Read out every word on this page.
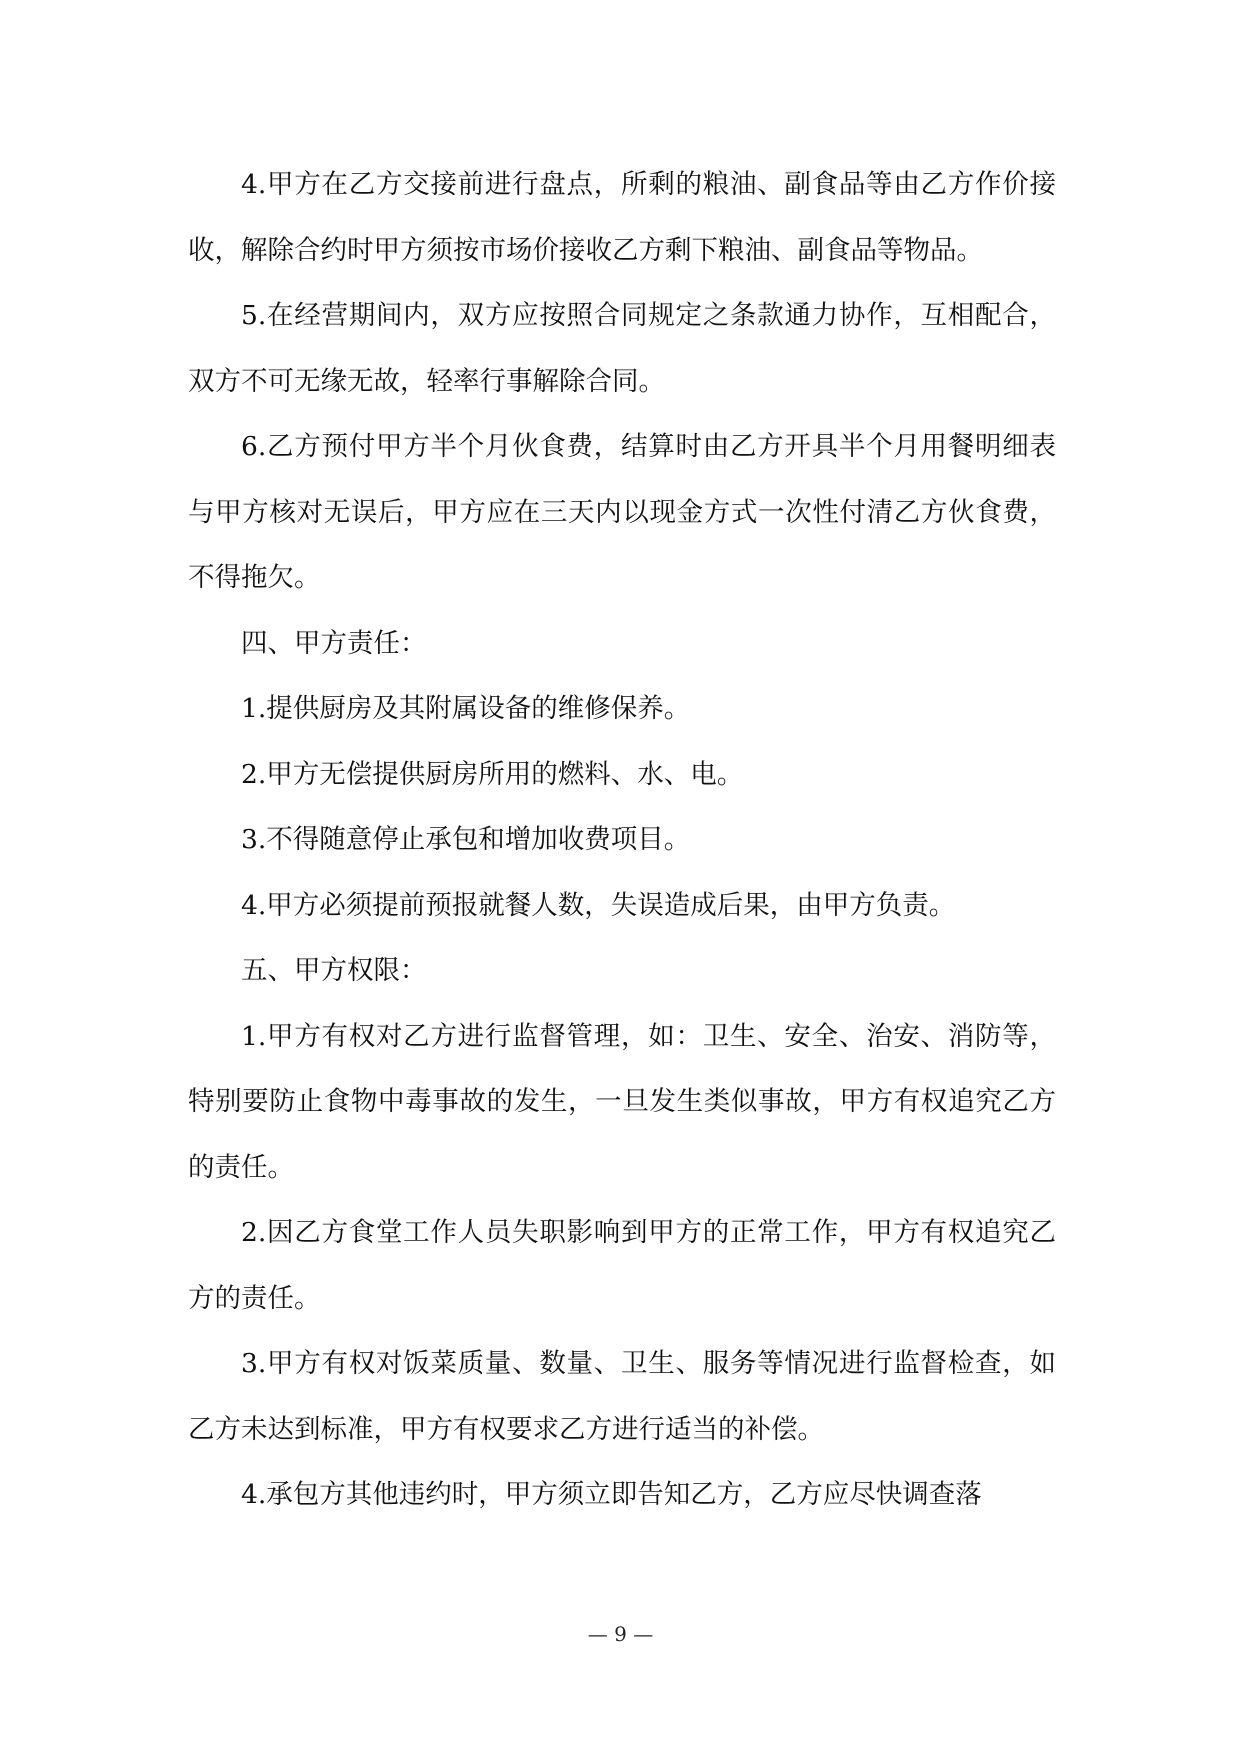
4.甲方在乙方交接前进行盘点，所剩的粮油、副食品等由乙方作价接收，解除合约时甲方须按市场价接收乙方剩下粮油、副食品等物品。

5.在经营期间内，双方应按照合同规定之条款通力协作，互相配合，双方不可无缘无故，轻率行事解除合同。

6.乙方预付甲方半个月伙食费，结算时由乙方开具半个月用餐明细表与甲方核对无误后，甲方应在三天内以现金方式一次性付清乙方伙食费，不得拖欠。

四、甲方责任：

1.提供厨房及其附属设备的维修保养。

2.甲方无偿提供厨房所用的燃料、水、电。

3.不得随意停止承包和增加收费项目。

4.甲方必须提前预报就餐人数，失误造成后果，由甲方负责。

五、甲方权限：

1.甲方有权对乙方进行监督管理，如：卫生、安全、治安、消防等，特别要防止食物中毒事故的发生，一旦发生类似事故，甲方有权追究乙方的责任。

2.因乙方食堂工作人员失职影响到甲方的正常工作，甲方有权追究乙方的责任。

3.甲方有权对饭菜质量、数量、卫生、服务等情况进行监督检查，如乙方未达到标准，甲方有权要求乙方进行适当的补偿。

4.承包方其他违约时，甲方须立即告知乙方，乙方应尽快调查落

— 9 —
